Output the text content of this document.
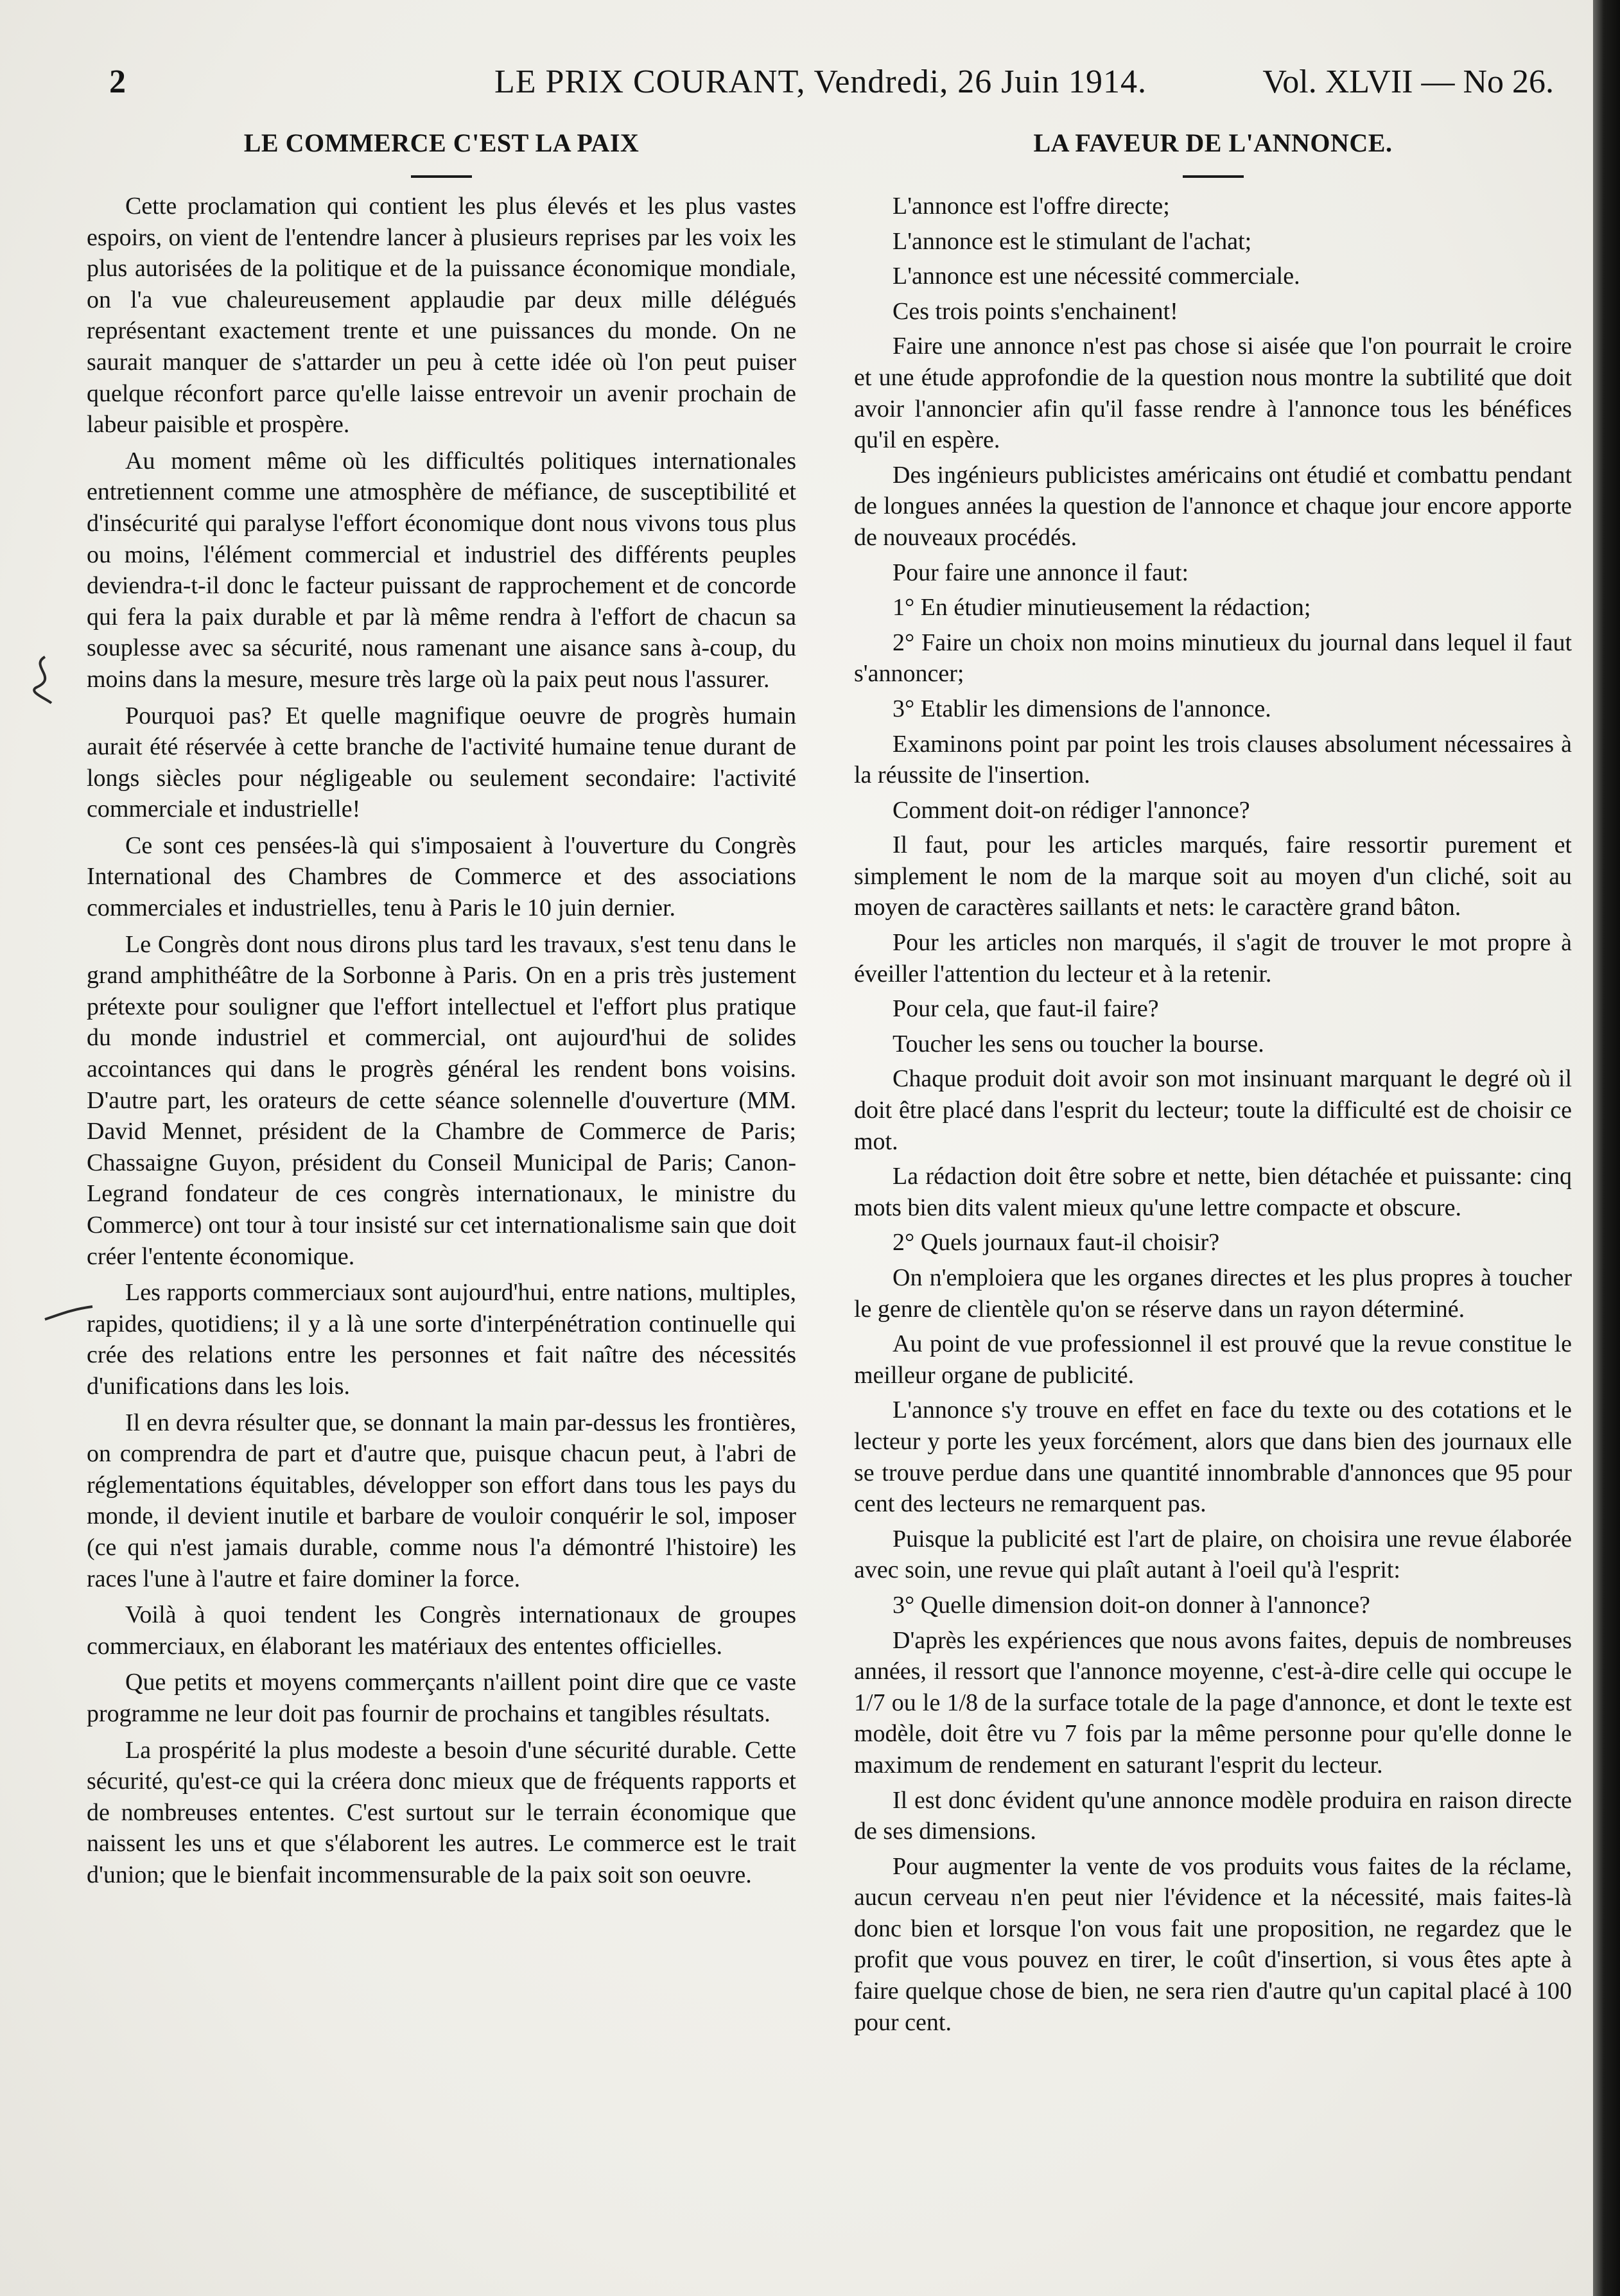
2	LE PRIX COURANT, Vendredi, 26 Juin 1914.	Vol. XLVII — No 26.
LE COMMERCE C'EST LA PAIX

Cette proclamation qui contient les plus élevés et les plus vastes espoirs, on vient de l'entendre lancer à plusieurs reprises par les voix les plus autorisées de la politique et de la puissance économique mondiale, on l'a vue chaleureusement applaudie par deux mille délégués représentant exactement trente et une puissances du monde. On ne saurait manquer de s'attarder un peu à cette idée où l'on peut puiser quelque réconfort parce qu'elle laisse entrevoir un avenir prochain de labeur paisible et prospère.

Au moment même où les difficultés politiques internationales entretiennent comme une atmosphère de méfiance, de susceptibilité et d'insécurité qui paralyse l'effort économique dont nous vivons tous plus ou moins, l'élément commercial et industriel des différents peuples deviendra-t-il donc le facteur puissant de rapprochement et de concorde qui fera la paix durable et par là même rendra à l'effort de chacun sa souplesse avec sa sécurité, nous ramenant une aisance sans à-coup, du moins dans la mesure, mesure très large où la paix peut nous l'assurer.

Pourquoi pas? Et quelle magnifique oeuvre de progrès humain aurait été réservée à cette branche de l'activité humaine tenue durant de longs siècles pour négligeable ou seulement secondaire: l'activité commerciale et industrielle!

Ce sont ces pensées-là qui s'imposaient à l'ouverture du Congrès International des Chambres de Commerce et des associations commerciales et industrielles, tenu à Paris le 10 juin dernier.

Le Congrès dont nous dirons plus tard les travaux, s'est tenu dans le grand amphithéâtre de la Sorbonne à Paris. On en a pris très justement prétexte pour souligner que l'effort intellectuel et l'effort plus pratique du monde industriel et commercial, ont aujourd'hui de solides accointances qui dans le progrès général les rendent bons voisins. D'autre part, les orateurs de cette séance solennelle d'ouverture (MM. David Mennet, président de la Chambre de Commerce de Paris; Chassaigne Guyon, président du Conseil Municipal de Paris; Canon-Legrand fondateur de ces congrès internationaux, le ministre du Commerce) ont tour à tour insisté sur cet internationalisme sain que doit créer l'entente économique.

Les rapports commerciaux sont aujourd'hui, entre nations, multiples, rapides, quotidiens; il y a là une sorte d'interpénétration continuelle qui crée des relations entre les personnes et fait naître des nécessités d'unifications dans les lois.

Il en devra résulter que, se donnant la main par-dessus les frontières, on comprendra de part et d'autre que, puisque chacun peut, à l'abri de réglementations équitables, développer son effort dans tous les pays du monde, il devient inutile et barbare de vouloir conquérir le sol, imposer (ce qui n'est jamais durable, comme nous l'a démontré l'histoire) les races l'une à l'autre et faire dominer la force.

Voilà à quoi tendent les Congrès internationaux de groupes commerciaux, en élaborant les matériaux des ententes officielles.

Que petits et moyens commerçants n'aillent point dire que ce vaste programme ne leur doit pas fournir de prochains et tangibles résultats.

La prospérité la plus modeste a besoin d'une sécurité durable. Cette sécurité, qu'est-ce qui la créera donc mieux que de fréquents rapports et de nombreuses ententes. C'est surtout sur le terrain économique que naissent les uns et que s'élaborent les autres. Le commerce est le trait d'union; que le bienfait incommensurable de la paix soit son oeuvre.

LA FAVEUR DE L'ANNONCE.

L'annonce est l'offre directe;

L'annonce est le stimulant de l'achat;

L'annonce est une nécessité commerciale.

Ces trois points s'enchainent!

Faire une annonce n'est pas chose si aisée que l'on pourrait le croire et une étude approfondie de la question nous montre la subtilité que doit avoir l'annoncier afin qu'il fasse rendre à l'annonce tous les bénéfices qu'il en espère.

Des ingénieurs publicistes américains ont étudié et combattu pendant de longues années la question de l'annonce et chaque jour encore apporte de nouveaux procédés.

Pour faire une annonce il faut:

1° En étudier minutieusement la rédaction;

2° Faire un choix non moins minutieux du journal dans lequel il faut s'annoncer;

3° Etablir les dimensions de l'annonce.

Examinons point par point les trois clauses absolument nécessaires à la réussite de l'insertion.

Comment doit-on rédiger l'annonce?

Il faut, pour les articles marqués, faire ressortir purement et simplement le nom de la marque soit au moyen d'un cliché, soit au moyen de caractères saillants et nets: le caractère grand bâton.

Pour les articles non marqués, il s'agit de trouver le mot propre à éveiller l'attention du lecteur et à la retenir.

Pour cela, que faut-il faire?

Toucher les sens ou toucher la bourse.

Chaque produit doit avoir son mot insinuant marquant le degré où il doit être placé dans l'esprit du lecteur; toute la difficulté est de choisir ce mot.

La rédaction doit être sobre et nette, bien détachée et puissante: cinq mots bien dits valent mieux qu'une lettre compacte et obscure.

2° Quels journaux faut-il choisir?

On n'emploiera que les organes directes et les plus propres à toucher le genre de clientèle qu'on se réserve dans un rayon déterminé.

Au point de vue professionnel il est prouvé que la revue constitue le meilleur organe de publicité.

L'annonce s'y trouve en effet en face du texte ou des cotations et le lecteur y porte les yeux forcément, alors que dans bien des journaux elle se trouve perdue dans une quantité innombrable d'annonces que 95 pour cent des lecteurs ne remarquent pas.

Puisque la publicité est l'art de plaire, on choisira une revue élaborée avec soin, une revue qui plaît autant à l'oeil qu'à l'esprit:

3° Quelle dimension doit-on donner à l'annonce?

D'après les expériences que nous avons faites, depuis de nombreuses années, il ressort que l'annonce moyenne, c'est-à-dire celle qui occupe le 1/7 ou le 1/8 de la surface totale de la page d'annonce, et dont le texte est modèle, doit être vu 7 fois par la même personne pour qu'elle donne le maximum de rendement en saturant l'esprit du lecteur.

Il est donc évident qu'une annonce modèle produira en raison directe de ses dimensions.

Pour augmenter la vente de vos produits vous faites de la réclame, aucun cerveau n'en peut nier l'évidence et la nécessité, mais faites-là donc bien et lorsque l'on vous fait une proposition, ne regardez que le profit que vous pouvez en tirer, le coût d'insertion, si vous êtes apte à faire quelque chose de bien, ne sera rien d'autre qu'un capital placé à 100 pour cent.
